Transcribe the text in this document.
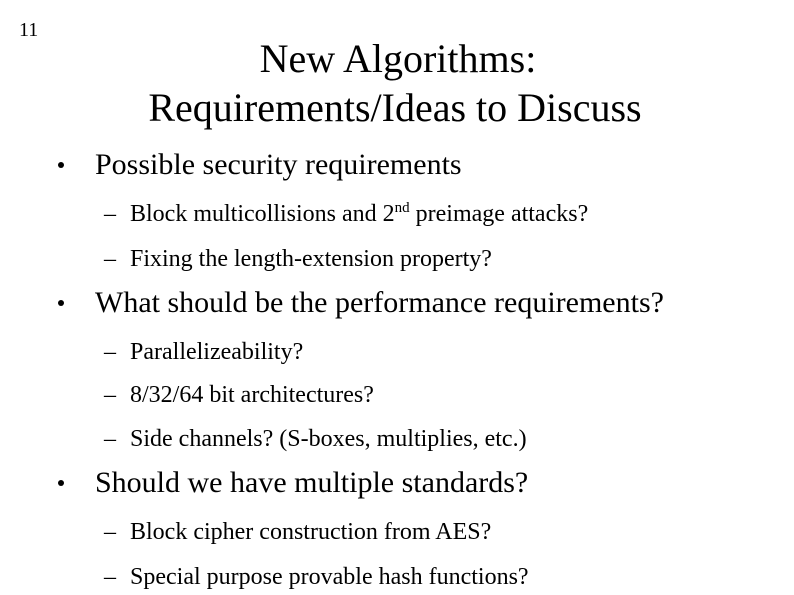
11
New Algorithms:
Requirements/Ideas to Discuss
Possible security requirements
– Block multicollisions and 2nd preimage attacks?
– Fixing the length-extension property?
What should be the performance requirements?
– Parallelizeability?
– 8/32/64 bit architectures?
– Side channels? (S-boxes, multiplies, etc.)
Should we have multiple standards?
– Block cipher construction from AES?
– Special purpose provable hash functions?
